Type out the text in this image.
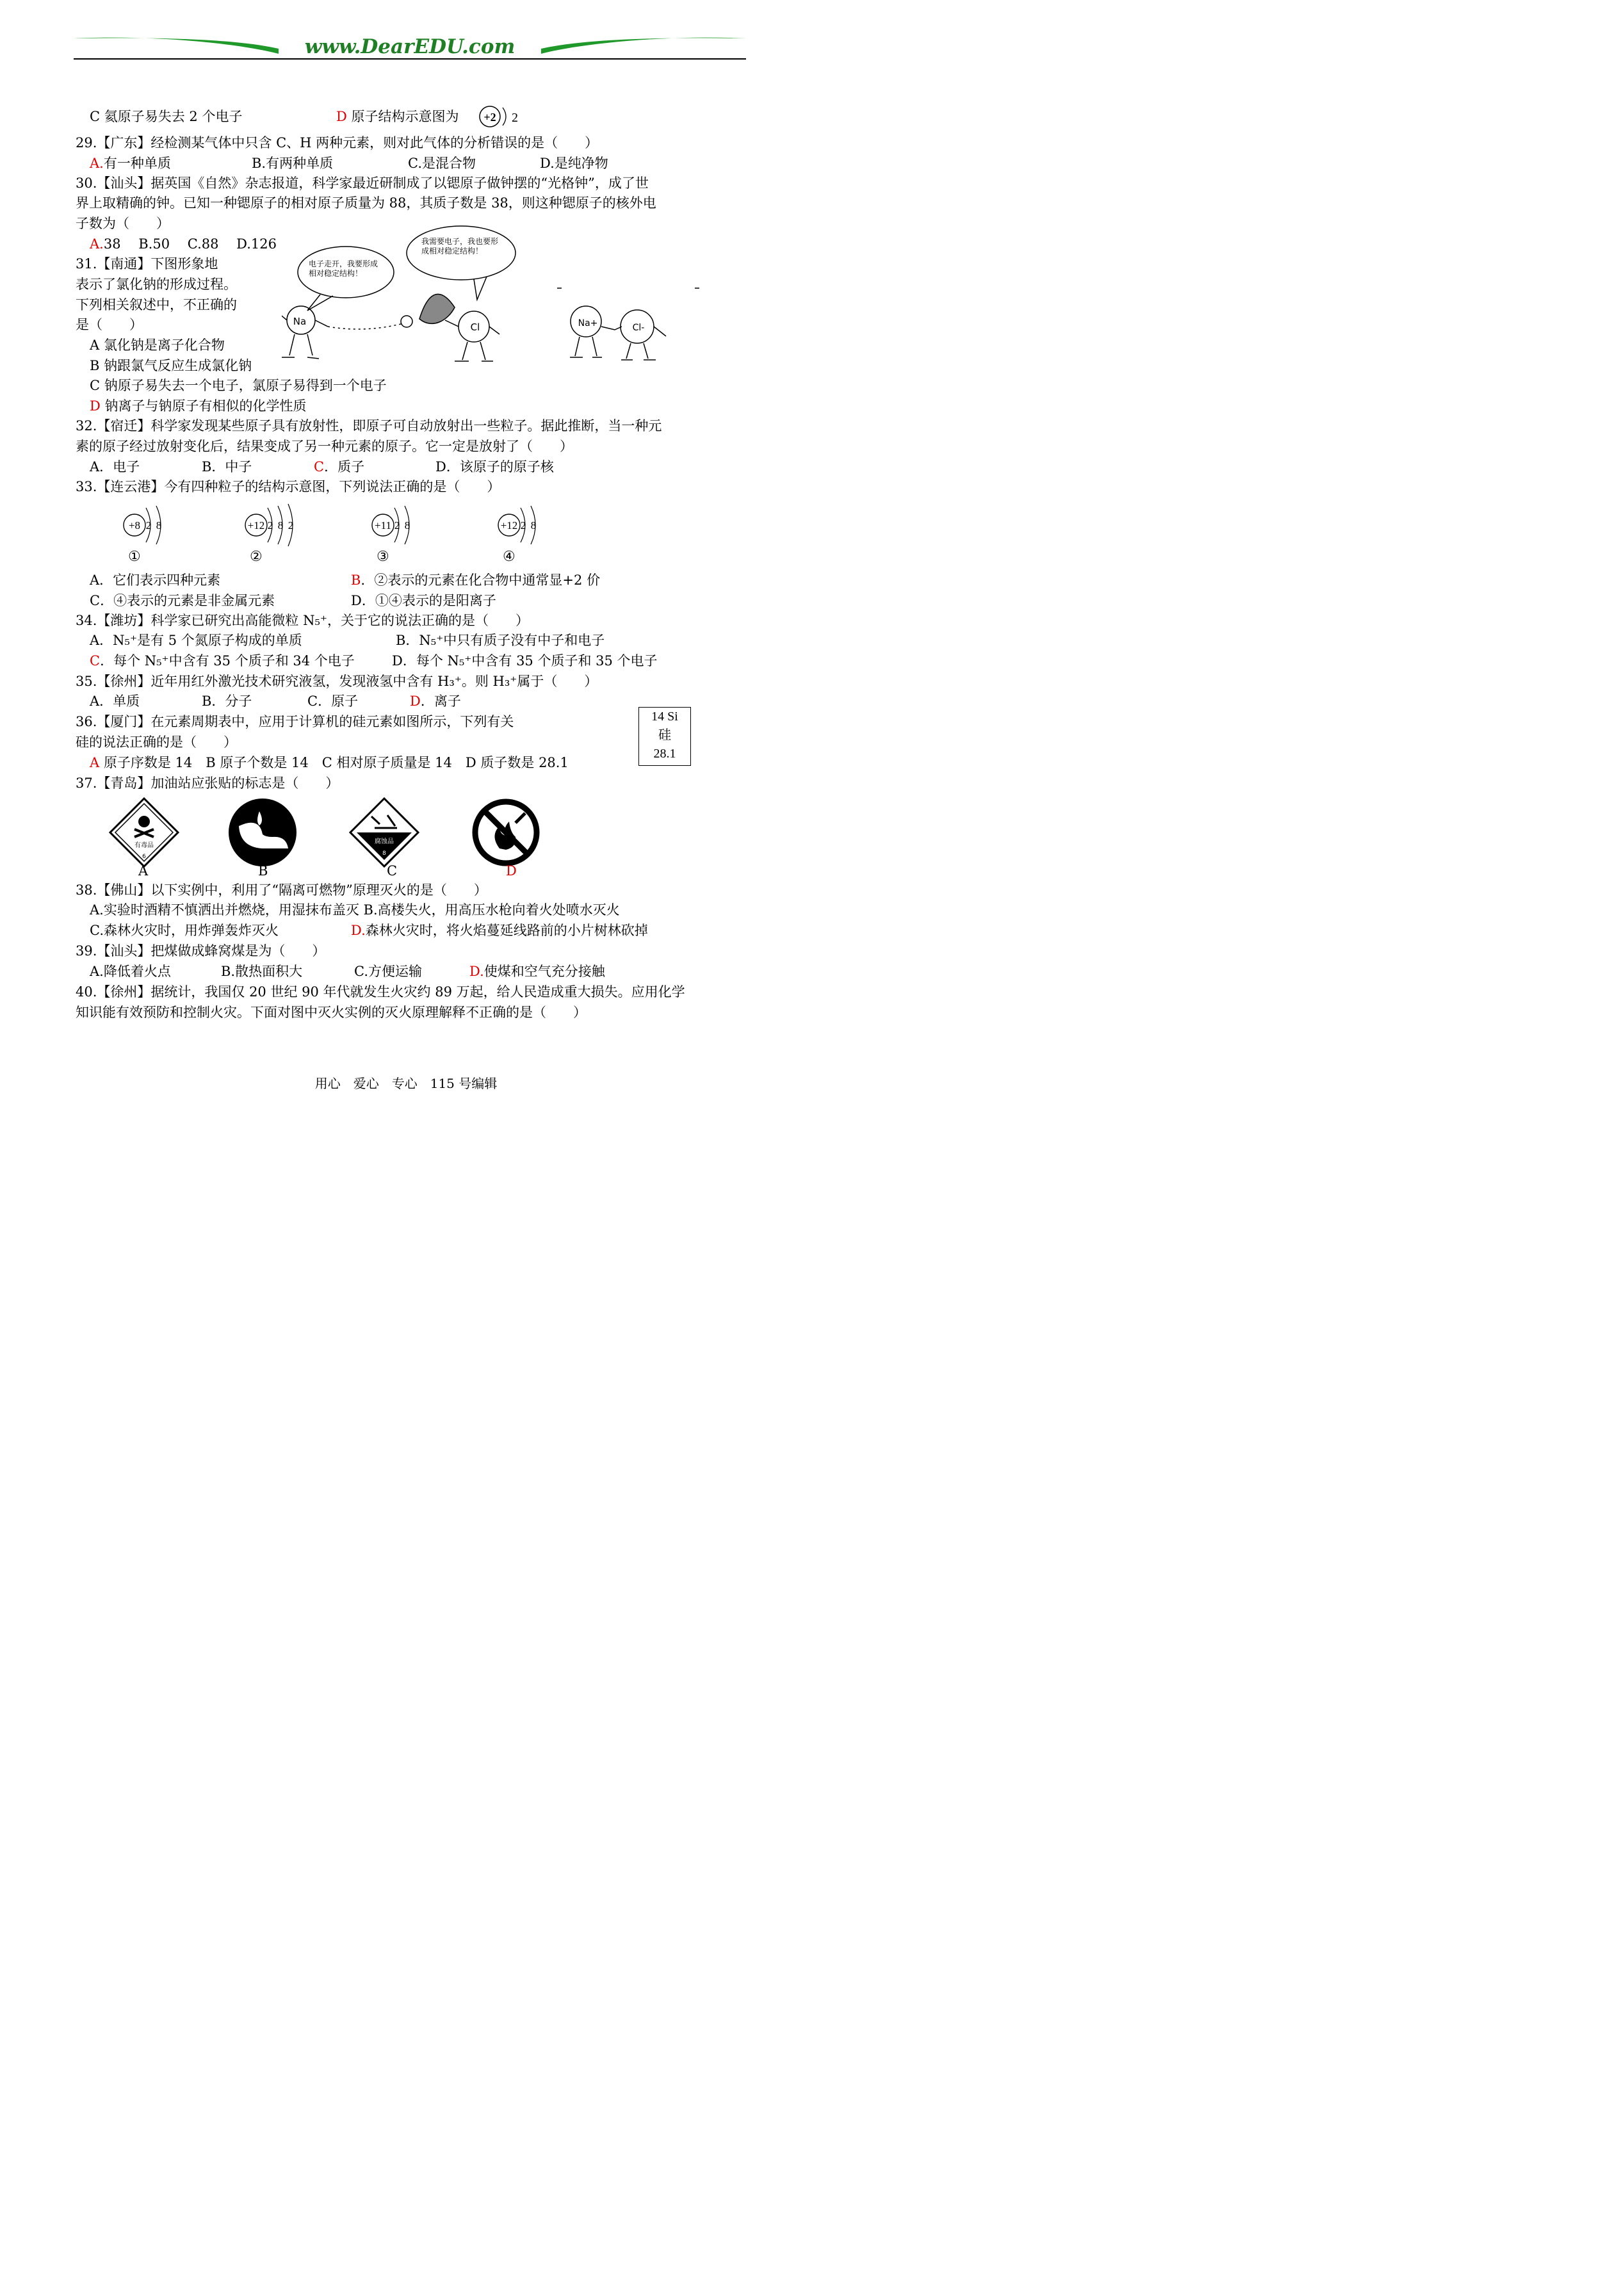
www.DearEDU.com
C 氦原子易失去 2 个电子	D 原子结构示意图为 +2 2
29.【广东】经检测某气体中只含 C、H 两种元素，则对此气体的分析错误的是（　　）
A.有一种单质	B.有两种单质	C.是混合物	D.是纯净物
30.【汕头】据英国《自然》杂志报道，科学家最近研制成了以锶原子做钟摆的“光格钟”，成了世
界上取精确的钟。已知一种锶原子的相对原子质量为 88，其质子数是 38，则这种锶原子的核外电
子数为（　　）
A.38　 B.50　 C.88　 D.126
31.【南通】下图形象地
表示了氯化钠的形成过程。
下列相关叙述中，不正确的
是（　　）
A 氯化钠是离子化合物
B 钠跟氯气反应生成氯化钠
C 钠原子易失去一个电子，氯原子易得到一个电子
D 钠离子与钠原子有相似的化学性质
Na	Cl	Na+	Cl-
电子走开，我要形成相对稳定结构！
我需要电子，我也要形成相对稳定结构！
32.【宿迁】科学家发现某些原子具有放射性，即原子可自动放射出一些粒子。据此推断，当一种元
素的原子经过放射变化后，结果变成了另一种元素的原子。它一定是放射了（　　）
A．电子	B．中子	C．质子	D．该原子的原子核
33.【连云港】今有四种粒子的结构示意图，下列说法正确的是（　　）
+8 2 8
①
+12 2 8 2
②
+11 2 8
③
+12 2 8
④
A．它们表示四种元素	B．②表示的元素在化合物中通常显+2 价
C．④表示的元素是非金属元素	D．①④表示的是阳离子
34.【潍坊】科学家已研究出高能微粒 N₅⁺，关于它的说法正确的是（　　）
A．N₅⁺是有 5 个氮原子构成的单质	B．N₅⁺中只有质子没有中子和电子
C．每个 N₅⁺中含有 35 个质子和 34 个电子	D．每个 N₅⁺中含有 35 个质子和 35 个电子
35.【徐州】近年用红外激光技术研究液氢，发现液氢中含有 H₃⁺。则 H₃⁺属于（　　）
A．单质	B．分子	C．原子	D．离子
36.【厦门】在元素周期表中，应用于计算机的硅元素如图所示，下列有关
硅的说法正确的是（　　）
A 原子序数是 14　B 原子个数是 14　C 相对原子质量是 14　D 质子数是 28.1
14 Si
硅
28.1
37.【青岛】加油站应张贴的标志是（　　）
有毒品
6
腐蚀品
8
A	B	C	D
38.【佛山】以下实例中，利用了“隔离可燃物”原理灭火的是（　　）
A.实验时酒精不慎洒出并燃烧，用湿抹布盖灭 B.高楼失火，用高压水枪向着火处喷水灭火
C.森林火灾时，用炸弹轰炸灭火	D.森林火灾时，将火焰蔓延线路前的小片树林砍掉
39.【汕头】把煤做成蜂窝煤是为（　　）
A.降低着火点	B.散热面积大	C.方便运输	D.使煤和空气充分接触
40.【徐州】据统计，我国仅 20 世纪 90 年代就发生火灾约 89 万起，给人民造成重大损失。应用化学
知识能有效预防和控制火灾。下面对图中灭火实例的灭火原理解释不正确的是（　　）
用心　爱心　专心　115 号编辑
